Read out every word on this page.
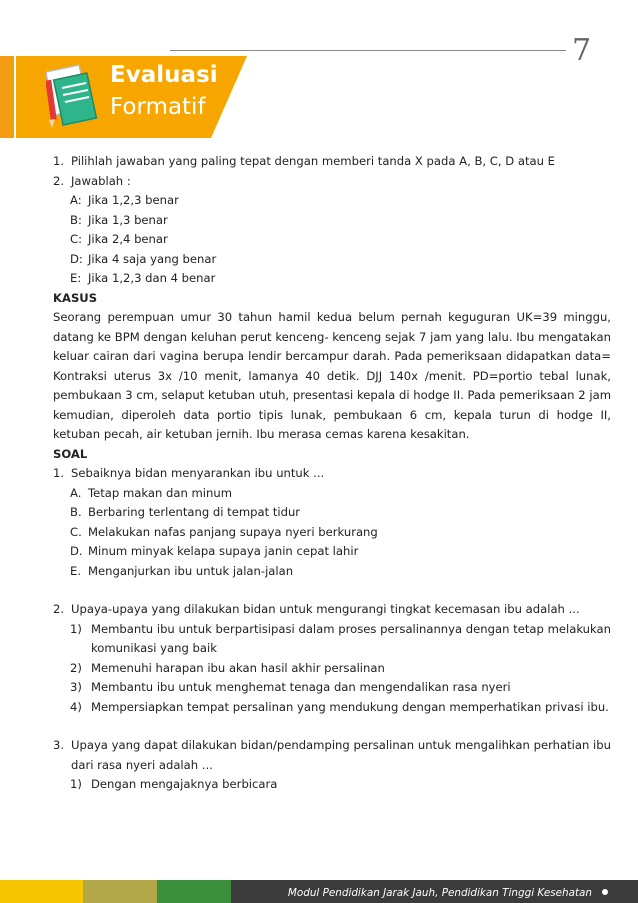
7
Evaluasi
Formatif
1. Pilihlah jawaban yang paling tepat dengan memberi tanda X pada A, B, C, D atau E
2. Jawablah :
A: Jika 1,2,3 benar
B: Jika 1,3 benar
C: Jika 2,4 benar
D: Jika 4 saja yang benar
E: Jika 1,2,3 dan 4 benar

KASUS

Seorang perempuan umur 30 tahun hamil kedua belum pernah keguguran UK=39 minggu, datang ke BPM dengan keluhan perut kenceng- kenceng sejak 7 jam yang lalu. Ibu mengatakan keluar cairan dari vagina berupa lendir bercampur darah. Pada pemeriksaan didapatkan data= Kontraksi uterus 3x /10 menit, lamanya 40 detik. DJJ 140x /menit. PD=portio tebal lunak, pembukaan 3 cm, selaput ketuban utuh, presentasi kepala di hodge II. Pada pemeriksaan 2 jam kemudian, diperoleh data portio tipis lunak, pembukaan 6 cm, kepala turun di hodge II, ketuban pecah, air ketuban jernih. Ibu merasa cemas karena kesakitan.

SOAL

1. Sebaiknya bidan menyarankan ibu untuk ...
A. Tetap makan dan minum
B. Berbaring terlentang di tempat tidur
C. Melakukan nafas panjang supaya nyeri berkurang
D. Minum minyak kelapa supaya janin cepat lahir
E. Menganjurkan ibu untuk jalan-jalan
2. Upaya-upaya yang dilakukan bidan untuk mengurangi tingkat kecemasan ibu adalah ...
1) Membantu ibu untuk berpartisipasi dalam proses persalinannya dengan tetap melakukan komunikasi yang baik
2) Memenuhi harapan ibu akan hasil akhir persalinan
3) Membantu ibu untuk menghemat tenaga dan mengendalikan rasa nyeri
4) Mempersiapkan tempat persalinan yang mendukung dengan memperhatikan privasi ibu.
3. Upaya yang dapat dilakukan bidan/pendamping persalinan untuk mengalihkan perhatian ibu dari rasa nyeri adalah ...
1) Dengan mengajaknya berbicara
Modul Pendidikan Jarak Jauh, Pendidikan Tinggi Kesehatan
